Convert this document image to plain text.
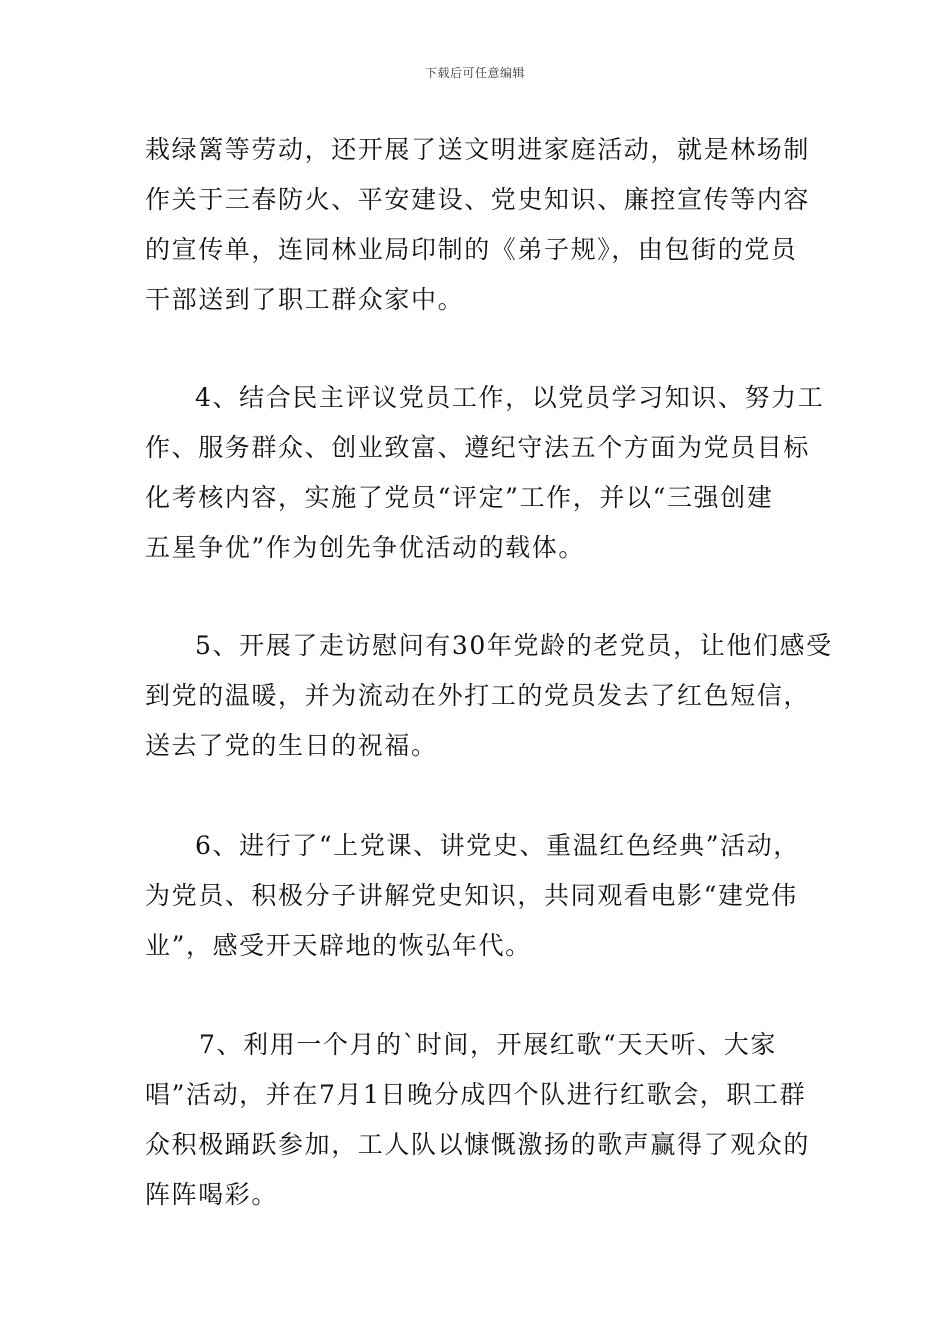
下载后可任意编辑
栽绿篱等劳动，还开展了送文明进家庭活动，就是林场制
作关于三春防火、平安建设、党史知识、廉控宣传等内容
的宣传单，连同林业局印制的《弟子规》，由包街的党员
干部送到了职工群众家中。
4、结合民主评议党员工作，以党员学习知识、努力工
作、服务群众、创业致富、遵纪守法五个方面为党员目标
化考核内容，实施了党员“评定”工作，并以“三强创建
五星争优”作为创先争优活动的载体。
5、开展了走访慰问有30年党龄的老党员，让他们感受
到党的温暖，并为流动在外打工的党员发去了红色短信，
送去了党的生日的祝福。
6、进行了“上党课、讲党史、重温红色经典”活动，
为党员、积极分子讲解党史知识，共同观看电影“建党伟
业”，感受开天辟地的恢弘年代。
7、利用一个月的`时间，开展红歌“天天听、大家
唱”活动，并在7月1日晚分成四个队进行红歌会，职工群
众积极踊跃参加，工人队以慷慨激扬的歌声赢得了观众的
阵阵喝彩。
